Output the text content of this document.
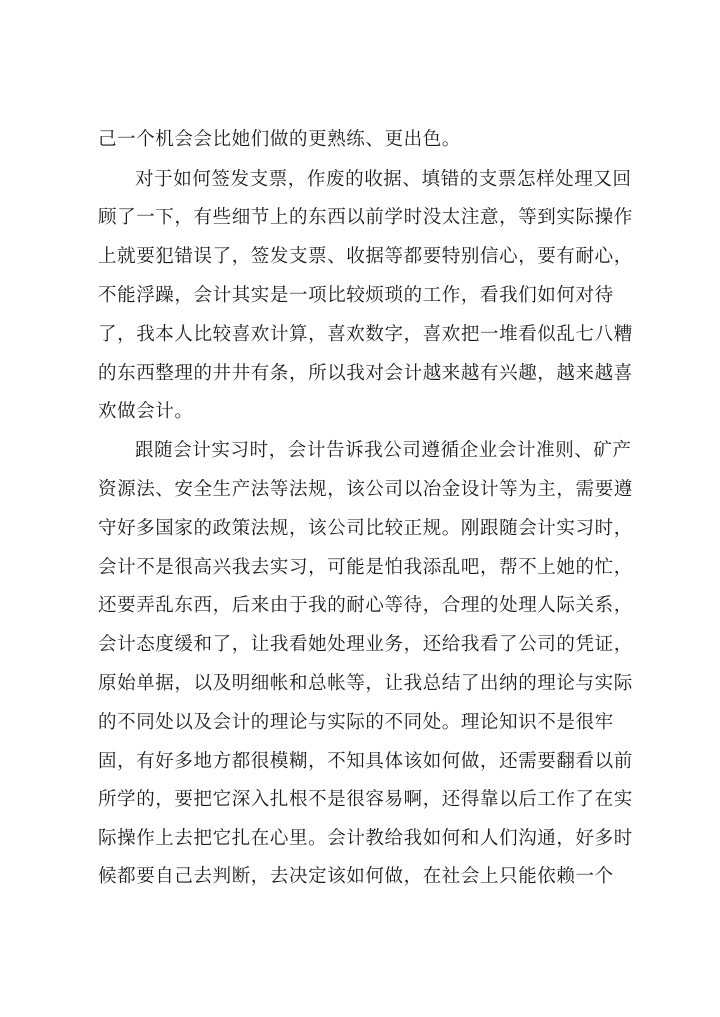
己一个机会会比她们做的更熟练、更出色。
对于如何签发支票，作废的收据、填错的支票怎样处理又回
顾了一下，有些细节上的东西以前学时没太注意，等到实际操作
上就要犯错误了，签发支票、收据等都要特别信心，要有耐心，
不能浮躁，会计其实是一项比较烦琐的工作，看我们如何对待
了，我本人比较喜欢计算，喜欢数字，喜欢把一堆看似乱七八糟
的东西整理的井井有条，所以我对会计越来越有兴趣，越来越喜
欢做会计。
跟随会计实习时，会计告诉我公司遵循企业会计准则、矿产
资源法、安全生产法等法规，该公司以冶金设计等为主，需要遵
守好多国家的政策法规，该公司比较正规。刚跟随会计实习时，
会计不是很高兴我去实习，可能是怕我添乱吧，帮不上她的忙，
还要弄乱东西，后来由于我的耐心等待，合理的处理人际关系，
会计态度缓和了，让我看她处理业务，还给我看了公司的凭证，
原始单据，以及明细帐和总帐等，让我总结了出纳的理论与实际
的不同处以及会计的理论与实际的不同处。理论知识不是很牢
固，有好多地方都很模糊，不知具体该如何做，还需要翻看以前
所学的，要把它深入扎根不是很容易啊，还得靠以后工作了在实
际操作上去把它扎在心里。会计教给我如何和人们沟通，好多时
候都要自己去判断，去决定该如何做，在社会上只能依赖一个
